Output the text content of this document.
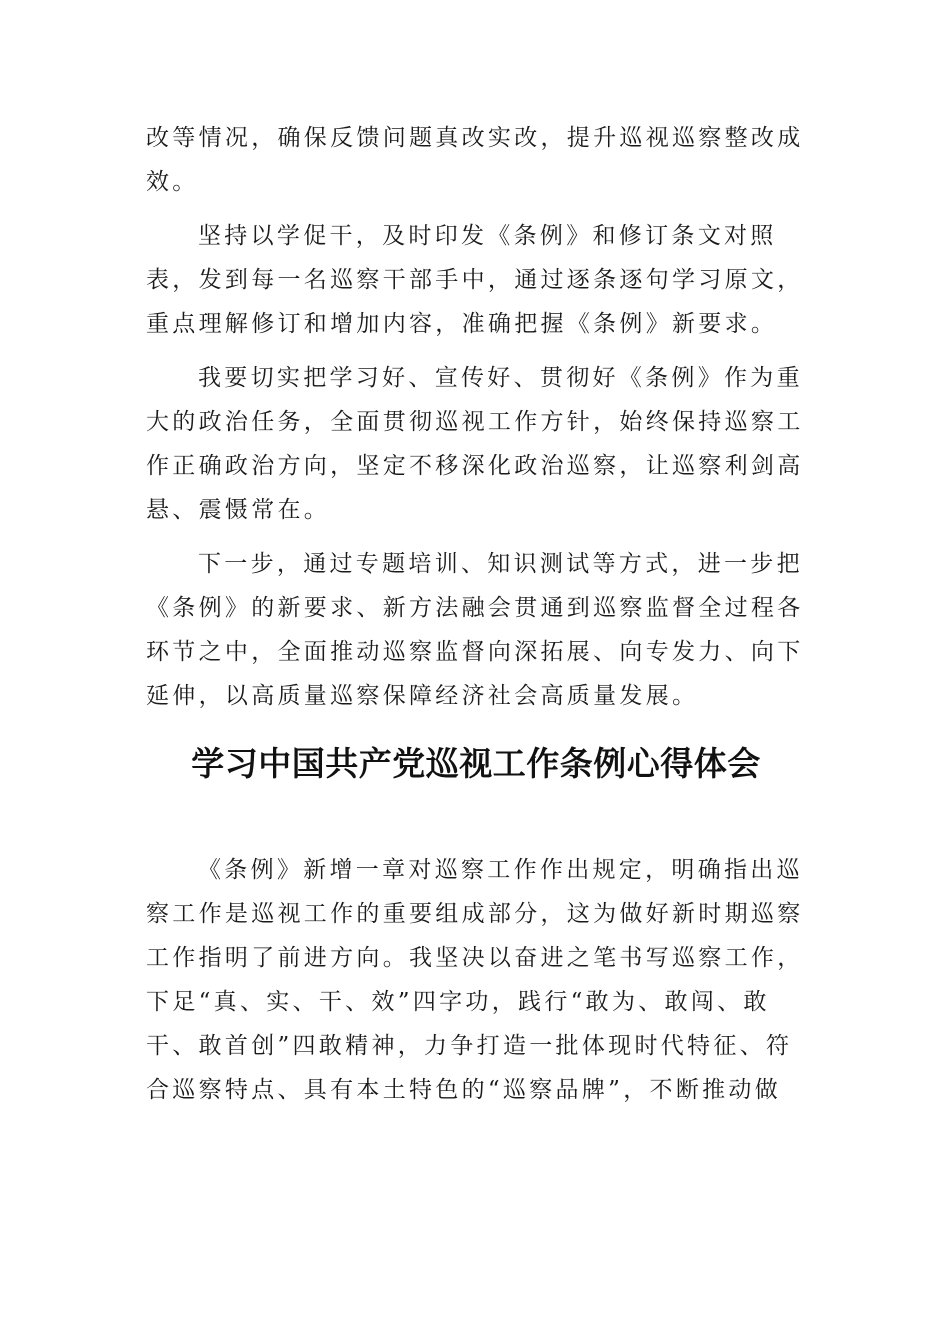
改等情况，确保反馈问题真改实改，提升巡视巡察整改成效。

坚持以学促干，及时印发《条例》和修订条文对照表，发到每一名巡察干部手中，通过逐条逐句学习原文，重点理解修订和增加内容，准确把握《条例》新要求。

我要切实把学习好、宣传好、贯彻好《条例》作为重大的政治任务，全面贯彻巡视工作方针，始终保持巡察工作正确政治方向，坚定不移深化政治巡察，让巡察利剑高悬、震慑常在。

下一步，通过专题培训、知识测试等方式，进一步把《条例》的新要求、新方法融会贯通到巡察监督全过程各环节之中，全面推动巡察监督向深拓展、向专发力、向下延伸，以高质量巡察保障经济社会高质量发展。

学习中国共产党巡视工作条例心得体会

《条例》新增一章对巡察工作作出规定，明确指出巡察工作是巡视工作的重要组成部分，这为做好新时期巡察工作指明了前进方向。我坚决以奋进之笔书写巡察工作，下足“真、实、干、效”四字功，践行“敢为、敢闯、敢干、敢首创”四敢精神，力争打造一批体现时代特征、符合巡察特点、具有本土特色的“巡察品牌”，不断推动做
